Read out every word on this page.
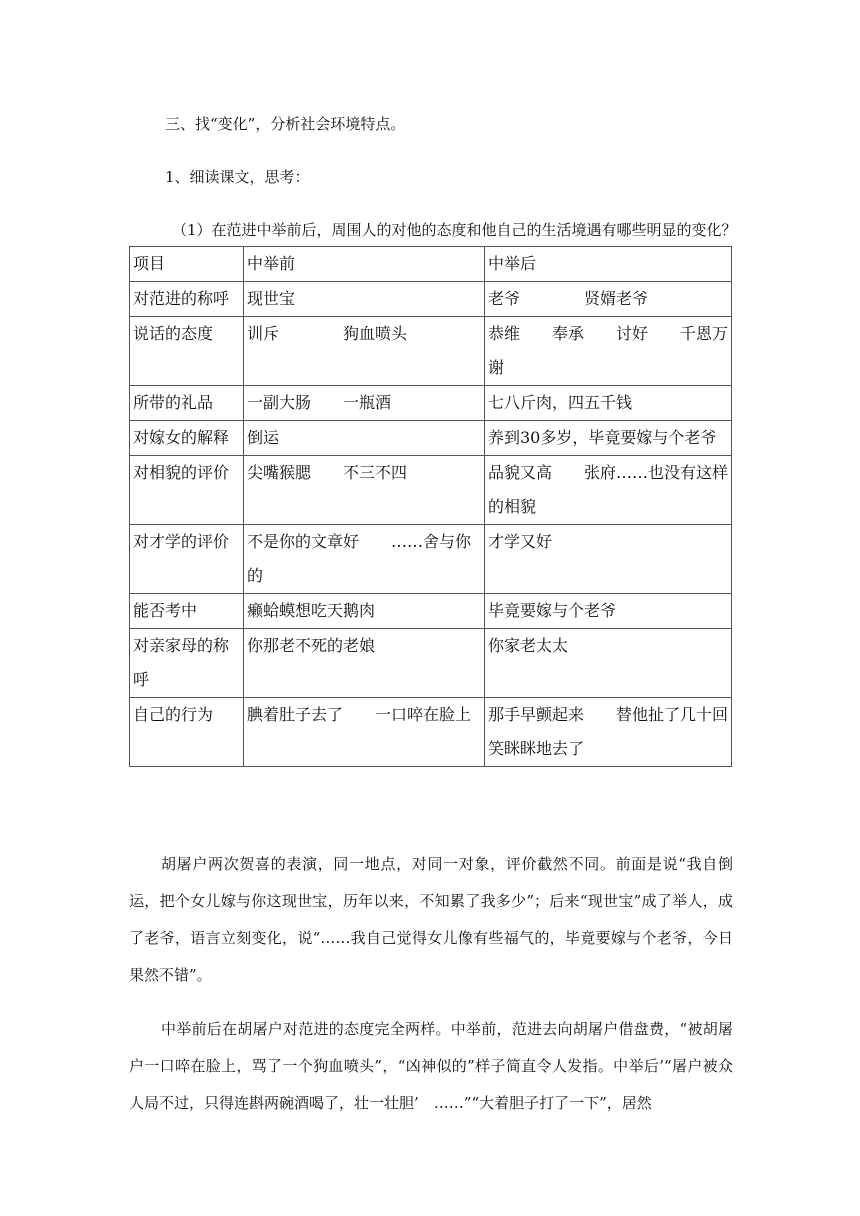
三、找“变化”，分析社会环境特点。
1、细读课文，思考：
（1）在范进中举前后，周围人的对他的态度和他自己的生活境遇有哪些明显的变化？
项目	中举前	中举后
对范进的称呼	现世宝	老爷　　　　贤婿老爷
说话的态度	训斥　　　　狗血喷头	恭维　　奉承　　讨好　　千恩万谢
所带的礼品	一副大肠　　一瓶酒	七八斤肉，四五千钱
对嫁女的解释	倒运	养到30多岁，毕竟要嫁与个老爷
对相貌的评价	尖嘴猴腮　　不三不四	品貌又高　　张府……也没有这样的相貌
对才学的评价	不是你的文章好　　……舍与你的	才学又好
能否考中	癞蛤蟆想吃天鹅肉	毕竟要嫁与个老爷
对亲家母的称呼	你那老不死的老娘	你家老太太
自己的行为	腆着肚子去了　　一口啐在脸上	那手早颤起来　　替他扯了几十回　　笑眯眯地去了

胡屠户两次贺喜的表演，同一地点，对同一对象，评价截然不同。前面是说“我自倒运，把个女儿嫁与你这现世宝，历年以来，不知累了我多少”；后来“现世宝”成了举人，成了老爷，语言立刻变化，说“……我自己觉得女儿像有些福气的，毕竟要嫁与个老爷，今日果然不错”。

中举前后在胡屠户对范进的态度完全两样。中举前，范进去向胡屠户借盘费，“被胡屠户一口啐在脸上，骂了一个狗血喷头”，“凶神似的”样子简直令人发指。中举后’“屠户被众人局不过，只得连斟两碗酒喝了，壮一壮胆’　……”“大着胆子打了一下”，居然
